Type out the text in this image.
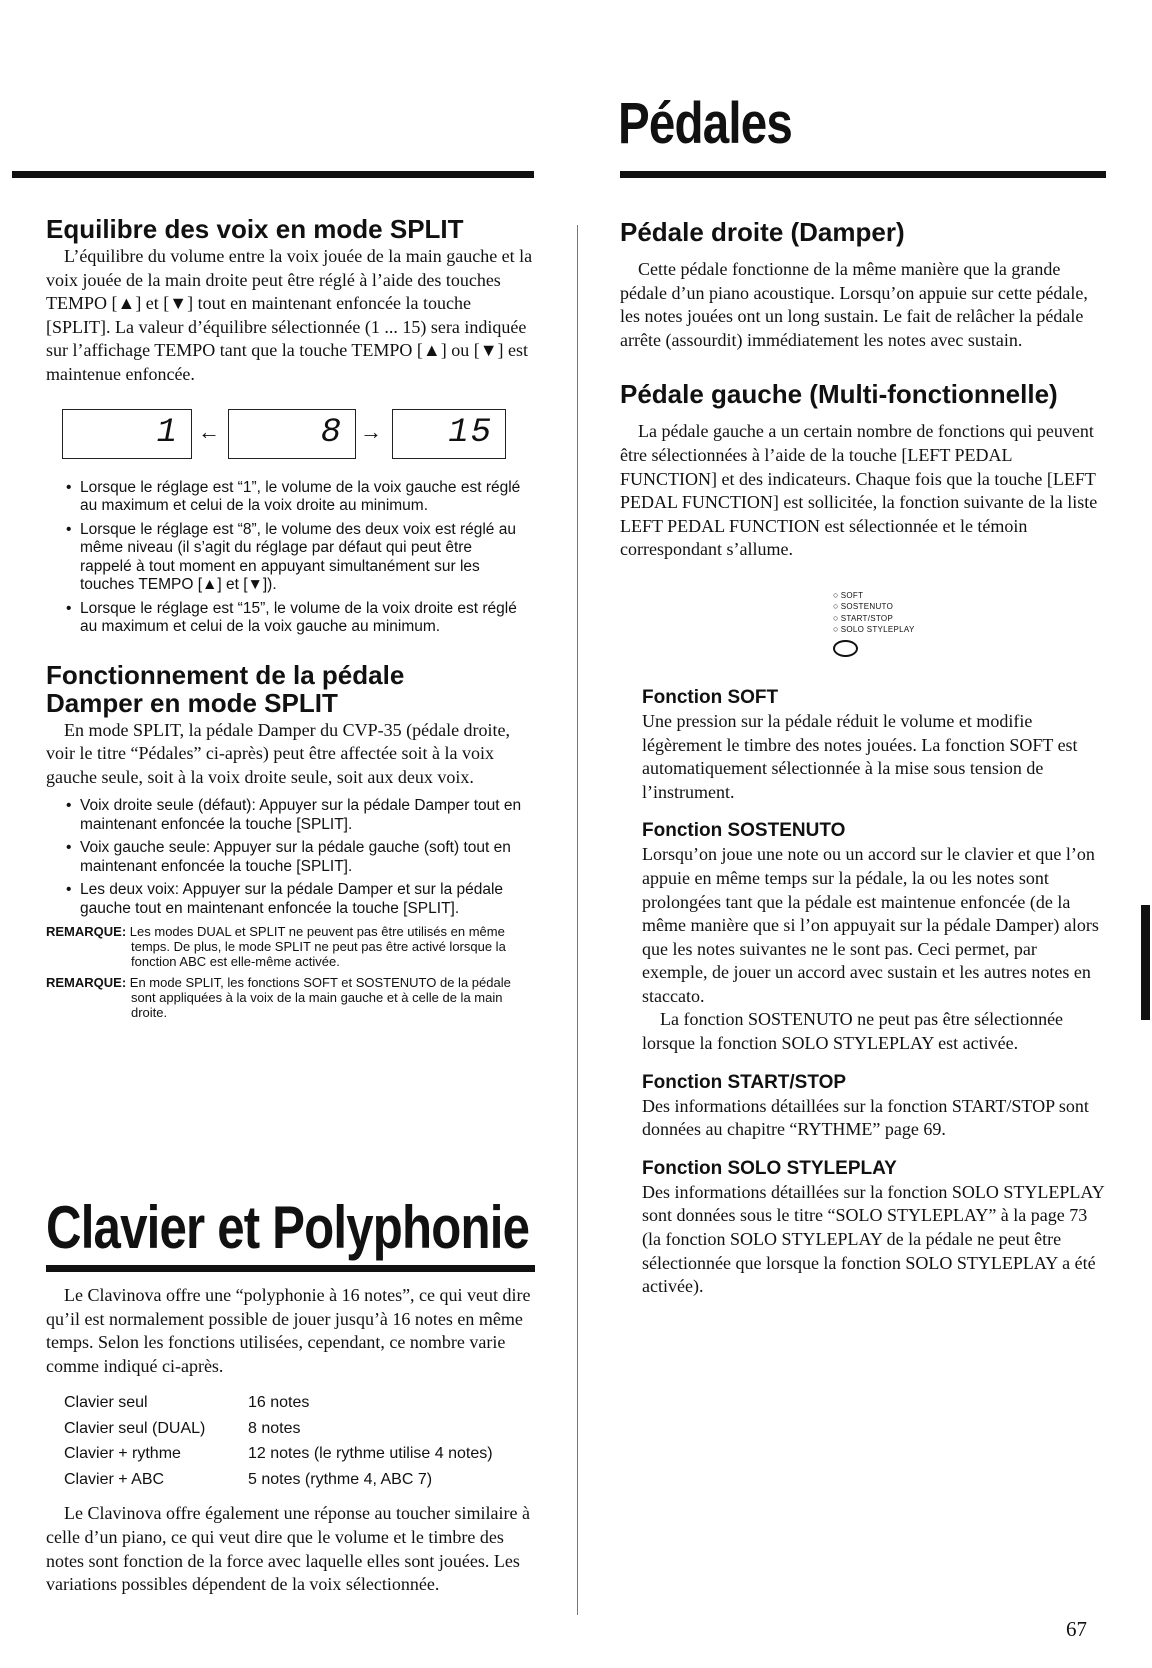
Pédales
Equilibre des voix en mode SPLIT
L’équilibre du volume entre la voix jouée de la main gauche et la voix jouée de la main droite peut être réglé à l’aide des touches TEMPO [▲] et [▼] tout en maintenant enfoncée la touche [SPLIT]. La valeur d’équilibre sélectionnée (1 ... 15) sera indiquée sur l’affichage TEMPO tant que la touche TEMPO [▲] ou [▼] est maintenue enfoncée.
1 ←	8 → 15
• Lorsque le réglage est “1”, le volume de la voix gauche est réglé au maximum et celui de la voix droite au minimum.
• Lorsque le réglage est “8”, le volume des deux voix est réglé au même niveau (il s’agit du réglage par défaut qui peut être rappelé à tout moment en appuyant simultanément sur les touches TEMPO [▲] et [▼]).
• Lorsque le réglage est “15”, le volume de la voix droite est réglé au maximum et celui de la voix gauche au minimum.
Fonctionnement de la pédale Damper en mode SPLIT
En mode SPLIT, la pédale Damper du CVP-35 (pédale droite, voir le titre “Pédales” ci-après) peut être affectée soit à la voix gauche seule, soit à la voix droite seule, soit aux deux voix.
• Voix droite seule (défaut): Appuyer sur la pédale Damper tout en maintenant enfoncée la touche [SPLIT].
• Voix gauche seule: Appuyer sur la pédale gauche (soft) tout en maintenant enfoncée la touche [SPLIT].
• Les deux voix: Appuyer sur la pédale Damper et sur la pédale gauche tout en maintenant enfoncée la touche [SPLIT].
REMARQUE: Les modes DUAL et SPLIT ne peuvent pas être utilisés en même temps. De plus, le mode SPLIT ne peut pas être activé lorsque la fonction ABC est elle-même activée.
REMARQUE: En mode SPLIT, les fonctions SOFT et SOSTENUTO de la pédale sont appliquées à la voix de la main gauche et à celle de la main droite.
Clavier et Polyphonie
Le Clavinova offre une “polyphonie à 16 notes”, ce qui veut dire qu’il est normalement possible de jouer jusqu’à 16 notes en même temps. Selon les fonctions utilisées, cependant, ce nombre varie comme indiqué ci-après.
Clavier seul	16 notes
Clavier seul (DUAL)	8 notes
Clavier + rythme	12 notes (le rythme utilise 4 notes)
Clavier + ABC	5 notes (rythme 4, ABC 7)
Le Clavinova offre également une réponse au toucher similaire à celle d’un piano, ce qui veut dire que le volume et le timbre des notes sont fonction de la force avec laquelle elles sont jouées. Les variations possibles dépendent de la voix sélectionnée.
Pédale droite (Damper)
Cette pédale fonctionne de la même manière que la grande pédale d’un piano acoustique. Lorsqu’on appuie sur cette pédale, les notes jouées ont un long sustain. Le fait de relâcher la pédale arrête (assourdit) immédiatement les notes avec sustain.
Pédale gauche (Multi-fonctionnelle)
La pédale gauche a un certain nombre de fonctions qui peuvent être sélectionnées à l’aide de la touche [LEFT PEDAL FUNCTION] et des indicateurs. Chaque fois que la touche [LEFT PEDAL FUNCTION] est sollicitée, la fonction suivante de la liste LEFT PEDAL FUNCTION est sélectionnée et le témoin correspondant s’allume.
○ SOFT
○ SOSTENUTO
○ START/STOP
○ SOLO STYLEPLAY
Fonction SOFT
Une pression sur la pédale réduit le volume et modifie légèrement le timbre des notes jouées. La fonction SOFT est automatiquement sélectionnée à la mise sous tension de l’instrument.
Fonction SOSTENUTO
Lorsqu’on joue une note ou un accord sur le clavier et que l’on appuie en même temps sur la pédale, la ou les notes sont prolongées tant que la pédale est maintenue enfoncée (de la même manière que si l’on appuyait sur la pédale Damper) alors que les notes suivantes ne le sont pas. Ceci permet, par exemple, de jouer un accord avec sustain et les autres notes en staccato.
La fonction SOSTENUTO ne peut pas être sélectionnée lorsque la fonction SOLO STYLEPLAY est activée.
Fonction START/STOP
Des informations détaillées sur la fonction START/STOP sont données au chapitre “RYTHME” page 69.
Fonction SOLO STYLEPLAY
Des informations détaillées sur la fonction SOLO STYLEPLAY sont données sous le titre “SOLO STYLEPLAY” à la page 73 (la fonction SOLO STYLEPLAY de la pédale ne peut être sélectionnée que lorsque la fonction SOLO STYLEPLAY a été activée).
67
